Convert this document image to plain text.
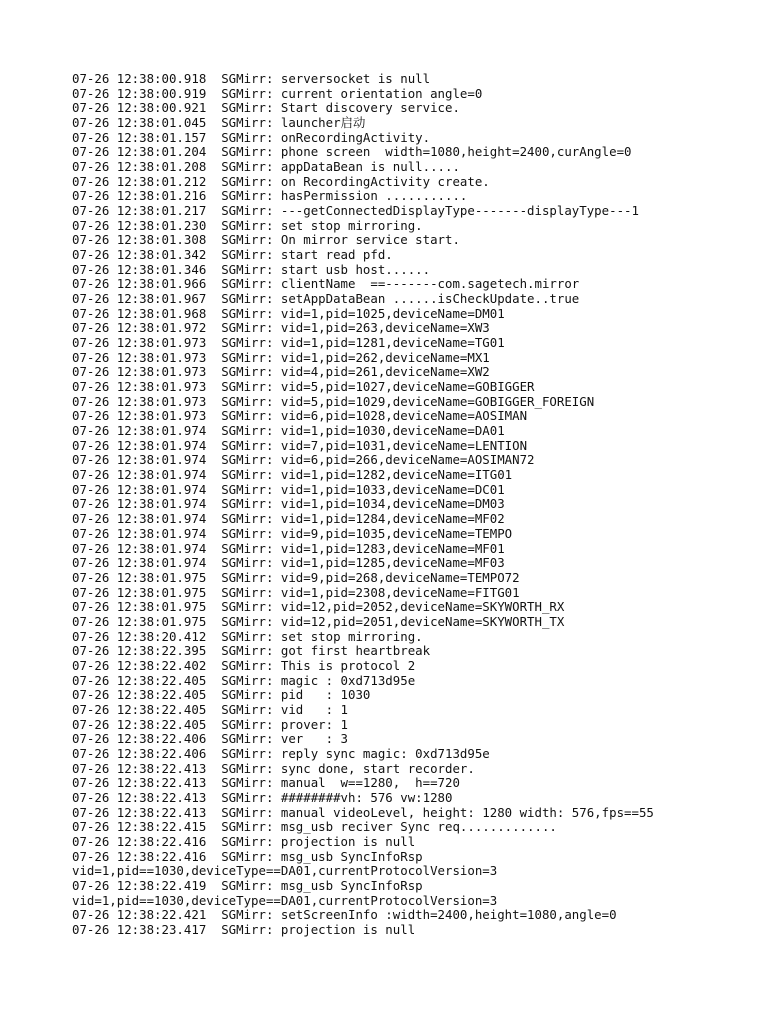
07-26 12:38:00.918  SGMirr: serversocket is null
07-26 12:38:00.919  SGMirr: current orientation angle=0
07-26 12:38:00.921  SGMirr: Start discovery service.
07-26 12:38:01.045  SGMirr: launcher启动
07-26 12:38:01.157  SGMirr: onRecordingActivity.
07-26 12:38:01.204  SGMirr: phone screen  width=1080,height=2400,curAngle=0
07-26 12:38:01.208  SGMirr: appDataBean is null.....
07-26 12:38:01.212  SGMirr: on RecordingActivity create.
07-26 12:38:01.216  SGMirr: hasPermission ...........
07-26 12:38:01.217  SGMirr: ---getConnectedDisplayType-------displayType---1
07-26 12:38:01.230  SGMirr: set stop mirroring.
07-26 12:38:01.308  SGMirr: On mirror service start.
07-26 12:38:01.342  SGMirr: start read pfd.
07-26 12:38:01.346  SGMirr: start usb host......
07-26 12:38:01.966  SGMirr: clientName  ==-------com.sagetech.mirror
07-26 12:38:01.967  SGMirr: setAppDataBean ......isCheckUpdate..true
07-26 12:38:01.968  SGMirr: vid=1,pid=1025,deviceName=DM01
07-26 12:38:01.972  SGMirr: vid=1,pid=263,deviceName=XW3
07-26 12:38:01.973  SGMirr: vid=1,pid=1281,deviceName=TG01
07-26 12:38:01.973  SGMirr: vid=1,pid=262,deviceName=MX1
07-26 12:38:01.973  SGMirr: vid=4,pid=261,deviceName=XW2
07-26 12:38:01.973  SGMirr: vid=5,pid=1027,deviceName=GOBIGGER
07-26 12:38:01.973  SGMirr: vid=5,pid=1029,deviceName=GOBIGGER_FOREIGN
07-26 12:38:01.973  SGMirr: vid=6,pid=1028,deviceName=AOSIMAN
07-26 12:38:01.974  SGMirr: vid=1,pid=1030,deviceName=DA01
07-26 12:38:01.974  SGMirr: vid=7,pid=1031,deviceName=LENTION
07-26 12:38:01.974  SGMirr: vid=6,pid=266,deviceName=AOSIMAN72
07-26 12:38:01.974  SGMirr: vid=1,pid=1282,deviceName=ITG01
07-26 12:38:01.974  SGMirr: vid=1,pid=1033,deviceName=DC01
07-26 12:38:01.974  SGMirr: vid=1,pid=1034,deviceName=DM03
07-26 12:38:01.974  SGMirr: vid=1,pid=1284,deviceName=MF02
07-26 12:38:01.974  SGMirr: vid=9,pid=1035,deviceName=TEMPO
07-26 12:38:01.974  SGMirr: vid=1,pid=1283,deviceName=MF01
07-26 12:38:01.974  SGMirr: vid=1,pid=1285,deviceName=MF03
07-26 12:38:01.975  SGMirr: vid=9,pid=268,deviceName=TEMPO72
07-26 12:38:01.975  SGMirr: vid=1,pid=2308,deviceName=FITG01
07-26 12:38:01.975  SGMirr: vid=12,pid=2052,deviceName=SKYWORTH_RX
07-26 12:38:01.975  SGMirr: vid=12,pid=2051,deviceName=SKYWORTH_TX
07-26 12:38:20.412  SGMirr: set stop mirroring.
07-26 12:38:22.395  SGMirr: got first heartbreak
07-26 12:38:22.402  SGMirr: This is protocol 2
07-26 12:38:22.405  SGMirr: magic : 0xd713d95e
07-26 12:38:22.405  SGMirr: pid   : 1030
07-26 12:38:22.405  SGMirr: vid   : 1
07-26 12:38:22.405  SGMirr: prover: 1
07-26 12:38:22.406  SGMirr: ver   : 3
07-26 12:38:22.406  SGMirr: reply sync magic: 0xd713d95e
07-26 12:38:22.413  SGMirr: sync done, start recorder.
07-26 12:38:22.413  SGMirr: manual  w==1280,  h==720
07-26 12:38:22.413  SGMirr: ########vh: 576 vw:1280
07-26 12:38:22.413  SGMirr: manual videoLevel, height: 1280 width: 576,fps==55
07-26 12:38:22.415  SGMirr: msg_usb reciver Sync req.............
07-26 12:38:22.416  SGMirr: projection is null
07-26 12:38:22.416  SGMirr: msg_usb SyncInfoRsp
vid=1,pid==1030,deviceType==DA01,currentProtocolVersion=3
07-26 12:38:22.419  SGMirr: msg_usb SyncInfoRsp
vid=1,pid==1030,deviceType==DA01,currentProtocolVersion=3
07-26 12:38:22.421  SGMirr: setScreenInfo :width=2400,height=1080,angle=0
07-26 12:38:23.417  SGMirr: projection is null
